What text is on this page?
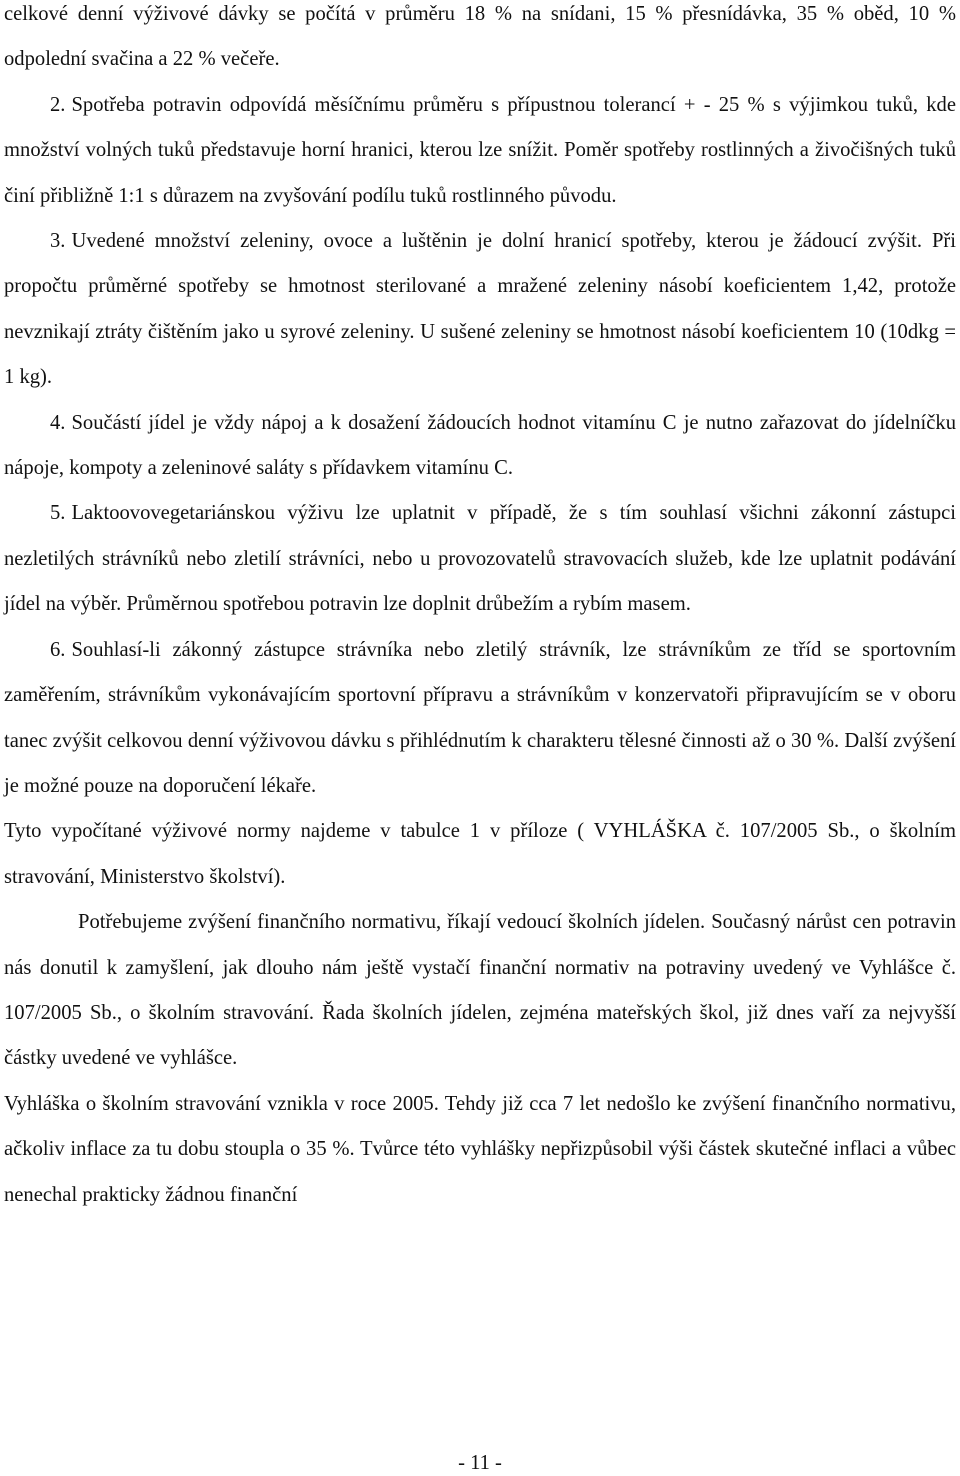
celkové denní výživové dávky se počítá v průměru 18 % na snídani, 15 % přesnídávka, 35 % oběd, 10 % odpolední svačina a 22 % večeře.

2. Spotřeba potravin odpovídá měsíčnímu průměru s přípustnou tolerancí + - 25 % s výjimkou tuků, kde množství volných tuků představuje horní hranici, kterou lze snížit. Poměr spotřeby rostlinných a živočišných tuků činí přibližně 1:1 s důrazem na zvyšování podílu tuků rostlinného původu.

3. Uvedené množství zeleniny, ovoce a luštěnin je dolní hranicí spotřeby, kterou je žádoucí zvýšit. Při propočtu průměrné spotřeby se hmotnost sterilované a mražené zeleniny násobí koeficientem 1,42, protože nevznikají ztráty čištěním jako u syrové zeleniny. U sušené zeleniny se hmotnost násobí koeficientem 10 (10dkg = 1 kg).

4. Součástí jídel je vždy nápoj a k dosažení žádoucích hodnot vitamínu C je nutno zařazovat do jídelníčku nápoje, kompoty a zeleninové saláty s přídavkem vitamínu C.

5. Laktoovovegetariánskou výživu lze uplatnit v případě, že s tím souhlasí všichni zákonní zástupci nezletilých strávníků nebo zletilí strávníci, nebo u provozovatelů stravovacích služeb, kde lze uplatnit podávání jídel na výběr. Průměrnou spotřebou potravin lze doplnit drůbežím a rybím masem.

6. Souhlasí-li zákonný zástupce strávníka nebo zletilý strávník, lze strávníkům ze tříd se sportovním zaměřením, strávníkům vykonávajícím sportovní přípravu a strávníkům v konzervatoři připravujícím se v oboru tanec zvýšit celkovou denní výživovou dávku s přihlédnutím k charakteru tělesné činnosti až o 30 %. Další zvýšení je možné pouze na doporučení lékaře.

Tyto vypočítané výživové normy najdeme v tabulce 1 v příloze ( VYHLÁŠKA č. 107/2005 Sb., o školním stravování, Ministerstvo školství).

Potřebujeme zvýšení finančního normativu, říkají vedoucí školních jídelen. Současný nárůst cen potravin nás donutil k zamyšlení, jak dlouho nám ještě vystačí finanční normativ na potraviny uvedený ve Vyhlášce č. 107/2005 Sb., o školním stravování. Řada školních jídelen, zejména mateřských škol, již dnes vaří za nejvyšší částky uvedené ve vyhlášce.

Vyhláška o školním stravování vznikla v roce 2005. Tehdy již cca 7 let nedošlo ke zvýšení finančního normativu, ačkoliv inflace za tu dobu stoupla o 35 %. Tvůrce této vyhlášky nepřizpůsobil výši částek skutečné inflaci a vůbec nenechal prakticky žádnou finanční

- 11 -
